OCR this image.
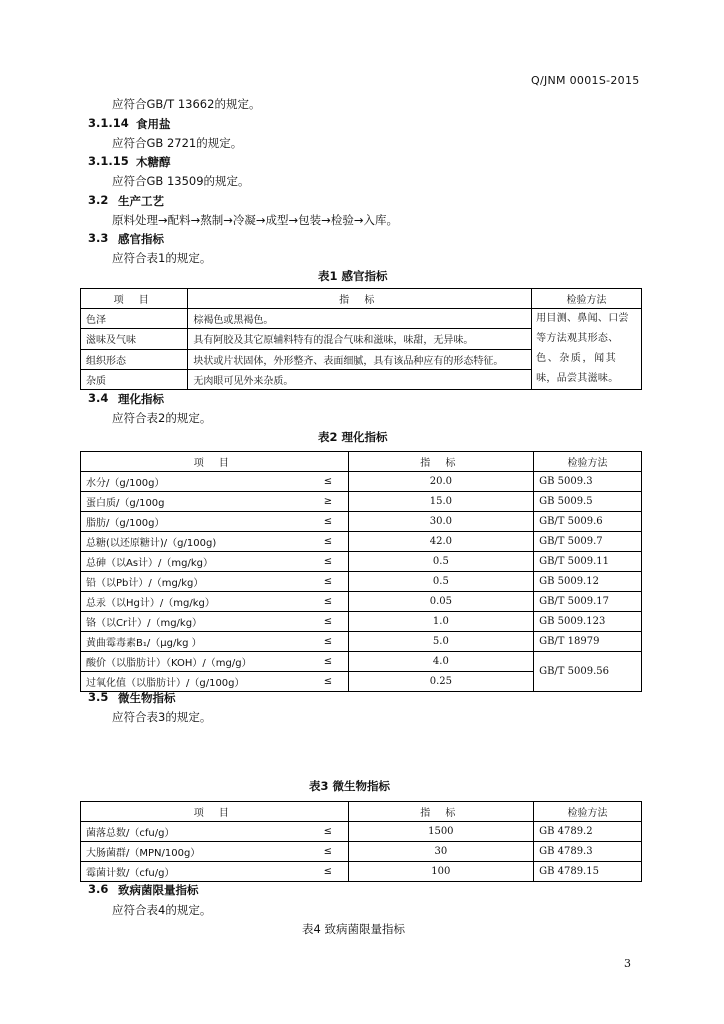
Q/JNM 0001S-2015
应符合GB/T 13662的规定。
3.1.14 食用盐
应符合GB 2721的规定。
3.1.15 木糖醇
应符合GB 13509的规定。
3.2 生产工艺
原料处理→配料→熬制→冷凝→成型→包装→检验→入库。
3.3 感官指标
应符合表1的规定。
表1 感官指标
项 目	指 标	检验方法
色泽	棕褐色或黑褐色。	用目测、鼻闻、口尝
等方法观其形态、
色、杂质，闻其
味，品尝其滋味。

滋味及气味	具有阿胶及其它原辅料特有的混合气味和滋味，味甜，无异味。	
组织形态	块状或片状固体，外形整齐、表面细腻，具有该品种应有的形态特征。	
杂质	无肉眼可见外来杂质。	
3.4 理化指标
应符合表2的规定。
表2 理化指标
项 目		指 标	检验方法
水分/（g/100g）	≤	20.0	GB 5009.3
蛋白质/（g/100g	≥	15.0	GB 5009.5
脂肪/（g/100g）	≤	30.0	GB/T 5009.6
总糖(以还原糖计)/（g/100g)	≤	42.0	GB/T 5009.7
总砷（以As计）/（mg/kg）	≤	0.5	GB/T 5009.11
铅（以Pb计）/（mg/kg）	≤	0.5	GB 5009.12
总汞（以Hg计）/（mg/kg）	≤	0.05	GB/T 5009.17
铬（以Cr计）/（mg/kg）	≤	1.0	GB 5009.123
黄曲霉毒素B₁/（μg/kg ）	≤	5.0	GB/T 18979
酸价（以脂肪计）（KOH）/（mg/g）	≤	4.0	GB/T 5009.56
过氧化值（以脂肪计）/（g/100g）	≤	0.25	
3.5 微生物指标
应符合表3的规定。
表3 微生物指标
项 目		指 标	检验方法
菌落总数/（cfu/g）	≤	1500	GB 4789.2
大肠菌群/（MPN/100g）	≤	30	GB 4789.3
霉菌计数/（cfu/g）	≤	100	GB 4789.15
3.6 致病菌限量指标
应符合表4的规定。
表4 致病菌限量指标
3
